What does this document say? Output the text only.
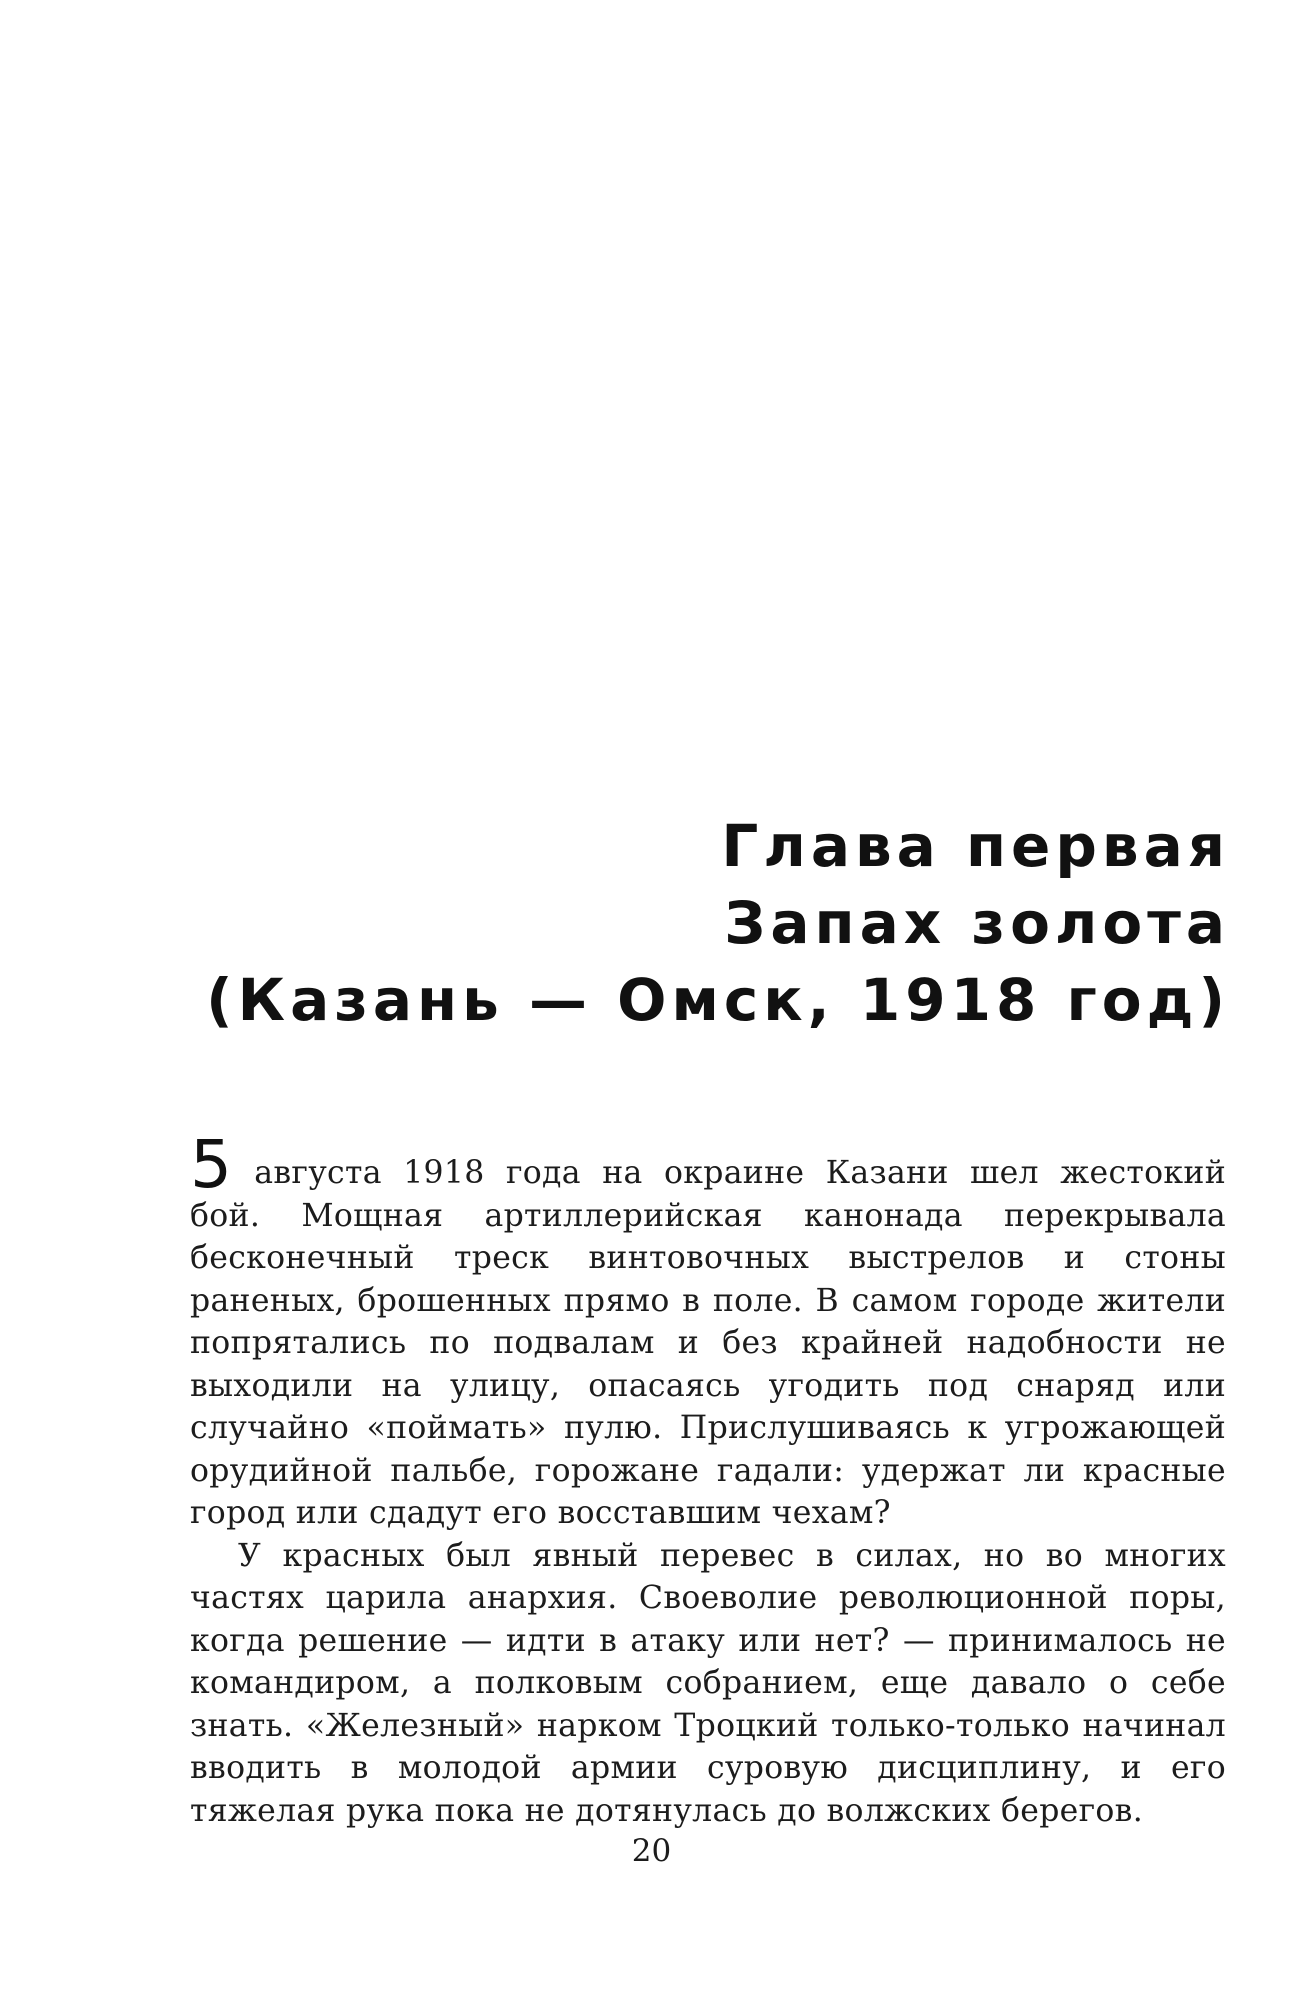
Глава первая
Запах золота
(Казань — Омск, 1918 год)

5 августа 1918 года на окраине Казани шел жестокий бой. Мощная артиллерийская канонада перекрывала бесконечный треск винтовочных выстрелов и стоны раненых, брошенных прямо в поле. В самом городе жители попрятались по подвалам и без крайней надобности не выходили на улицу, опасаясь угодить под снаряд или случайно «поймать» пулю. Прислушиваясь к угрожающей орудийной пальбе, горожане гадали: удержат ли красные город или сдадут его восставшим чехам?

У красных был явный перевес в силах, но во многих частях царила анархия. Своеволие революционной поры, когда решение — идти в атаку или нет? — принималось не командиром, а полковым собранием, еще давало о себе знать. «Железный» нарком Троцкий только-только начинал вводить в молодой армии суровую дисциплину, и его тяжелая рука пока не дотянулась до волжских берегов.

20
